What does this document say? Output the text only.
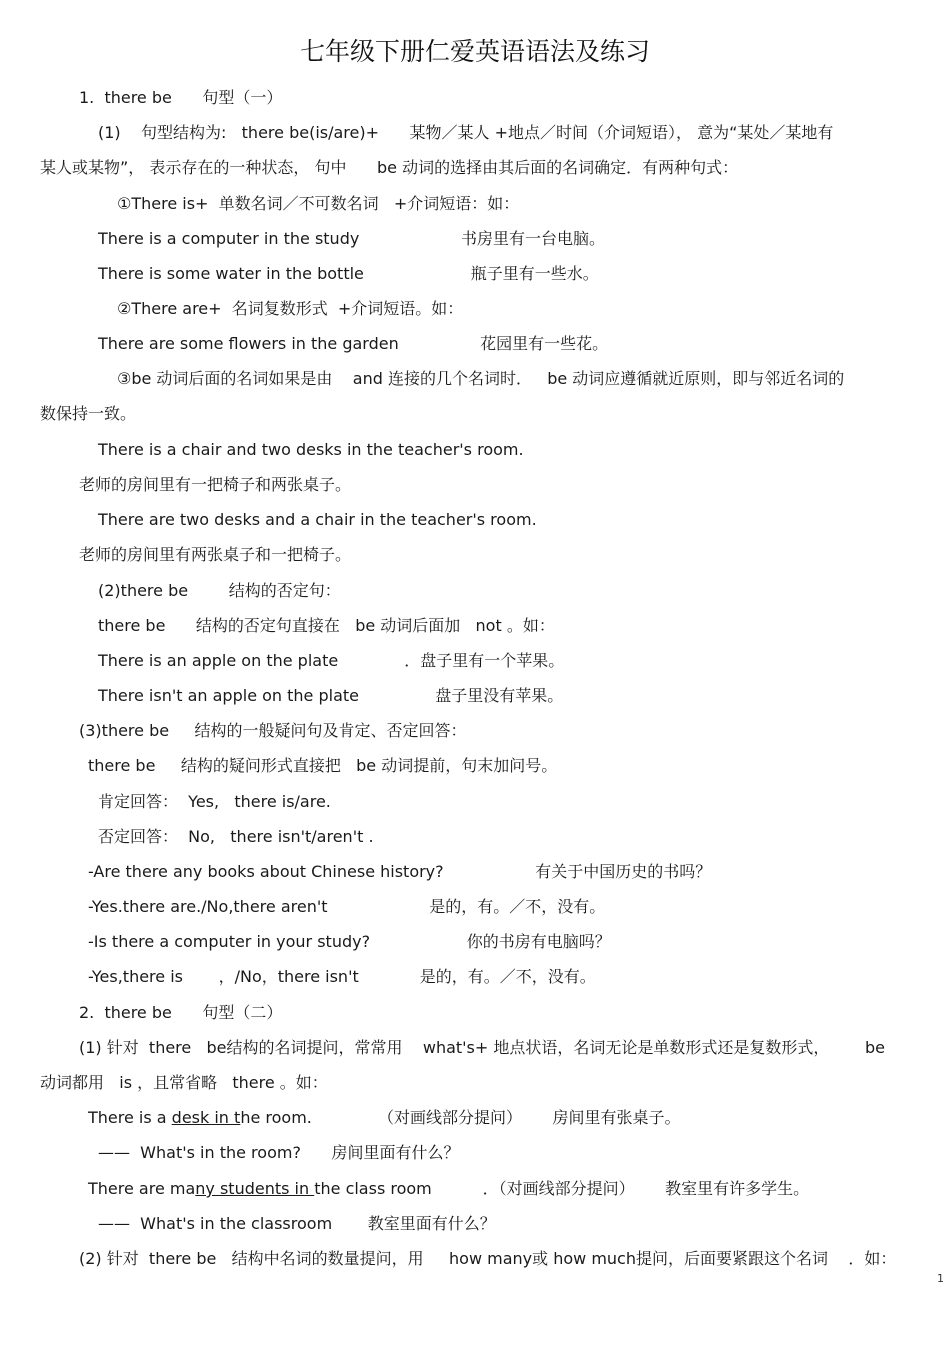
七年级下册仁爱英语语法及练习
1.  there be      句型（一）
(1)    句型结构为:   there be(is/are)+      某物／某人 +地点／时间（介词短语）， 意为“某处／某地有
某人或某物”， 表示存在的一种状态， 句中      be 动词的选择由其后面的名词确定．有两种句式：
①There is+  单数名词／不可数名词   +介词短语：如：
There is a computer in the study                    书房里有一台电脑。
There is some water in the bottle                     瓶子里有一些水。
②There are+  名词复数形式  +介词短语。如：
There are some flowers in the garden                花园里有一些花。
③be 动词后面的名词如果是由    and 连接的几个名词时．   be 动词应遵循就近原则，即与邻近名词的
数保持一致。
There is a chair and two desks in the teacher's room.
老师的房间里有一把椅子和两张桌子。
There are two desks and a chair in the teacher's room.
老师的房间里有两张桌子和一把椅子。
(2)there be        结构的否定句：
there be      结构的否定句直接在   be 动词后面加   not 。如：
There is an apple on the plate             ．盘子里有一个苹果。
There isn't an apple on the plate               盘子里没有苹果。
(3)there be     结构的一般疑问句及肯定、否定回答：
there be     结构的疑问形式直接把   be 动词提前，句末加问号。
肯定回答：  Yes,   there is/are.
否定回答：  No,   there isn't/aren't .
-Are there any books about Chinese history?                  有关于中国历史的书吗？
-Yes.there are./No,there aren't                    是的，有。／不，没有。
-Is there a computer in your study?                   你的书房有电脑吗？
-Yes,there is       ，/No，there isn't            是的，有。／不，没有。
2.  there be      句型（二）
(1) 针对  there   be结构的名词提问，常常用    what's+ 地点状语，名词无论是单数形式还是复数形式，       be
动词都用   is ，且常省略   there 。如：
There is a desk in the room.             （对画线部分提问）      房间里有张桌子。
——  What's in the room?      房间里面有什么？
There are many students in the class room          ．（对画线部分提问）      教室里有许多学生。
——  What's in the classroom       教室里面有什么？
(2) 针对  there be   结构中名词的数量提问，用     how many或 how much提问，后面要紧跟这个名词    ．如：
1
